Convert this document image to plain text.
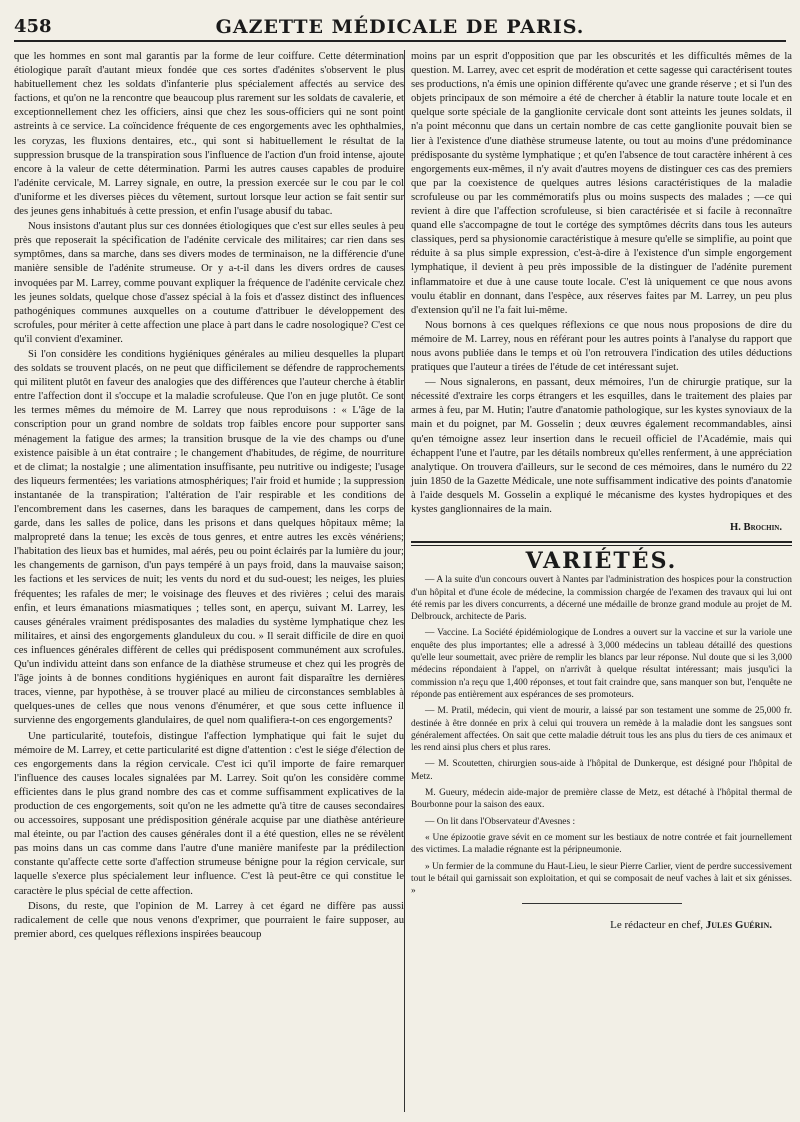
458	GAZETTE MÉDICALE DE PARIS.

que les hommes en sont mal garantis par la forme de leur coiffure. Cette détermination étiologique paraît d'autant mieux fondée que ces sortes d'adénites s'observent le plus habituellement chez les soldats d'infanterie plus spécialement affectés au service des factions, et qu'on ne la rencontre que beaucoup plus rarement sur les soldats de cavalerie, et exceptionnellement chez les officiers, ainsi que chez les sous-officiers qui ne sont point astreints à ce service. La coïncidence fréquente de ces engorgements avec les ophthalmies, les coryzas, les fluxions dentaires, etc., qui sont si habituellement le résultat de la suppression brusque de la transpiration sous l'influence de l'action d'un froid intense, ajoute encore à la valeur de cette détermination. Parmi les autres causes capables de produire l'adénite cervicale, M. Larrey signale, en outre, la pression exercée sur le cou par le col d'uniforme et les diverses pièces du vêtement, surtout lorsque leur action se fait sentir sur des jeunes gens inhabitués à cette pression, et enfin l'usage abusif du tabac.

Nous insistons d'autant plus sur ces données étiologiques que c'est sur elles seules à peu près que reposerait la spécification de l'adénite cervicale des militaires; car rien dans ses symptômes, dans sa marche, dans ses divers modes de terminaison, ne la différencie d'une manière sensible de l'adénite strumeuse. Or y a-t-il dans les divers ordres de causes invoquées par M. Larrey, comme pouvant expliquer la fréquence de l'adénite cervicale chez les jeunes soldats, quelque chose d'assez spécial à la fois et d'assez distinct des influences pathogéniques communes auxquelles on a coutume d'attribuer le développement des scrofules, pour mériter à cette affection une place à part dans le cadre nosologique? C'est ce qu'il convient d'examiner.

Si l'on considère les conditions hygiéniques générales au milieu desquelles la plupart des soldats se trouvent placés, on ne peut que difficilement se défendre de rapprochements qui militent plutôt en faveur des analogies que des différences que l'auteur cherche à établir entre l'affection dont il s'occupe et la maladie scrofuleuse. Que l'on en juge plutôt. Ce sont les termes mêmes du mémoire de M. Larrey que nous reproduisons : « L'âge de la conscription pour un grand nombre de soldats trop faibles encore pour supporter sans ménagement la fatigue des armes; la transition brusque de la vie des champs ou d'une existence paisible à un état contraire ; le changement d'habitudes, de régime, de nourriture et de climat; la nostalgie ; une alimentation insuffisante, peu nutritive ou indigeste; l'usage des liqueurs fermentées; les variations atmosphériques; l'air froid et humide ; la suppression instantanée de la transpiration; l'altération de l'air respirable et les conditions de l'encombrement dans les casernes, dans les baraques de campement, dans les corps de garde, dans les salles de police, dans les prisons et dans quelques hôpitaux même; la malpropreté dans la tenue; les excès de tous genres, et entre autres les excès vénériens; l'habitation des lieux bas et humides, mal aérés, peu ou point éclairés par la lumière du jour; les changements de garnison, d'un pays tempéré à un pays froid, dans la mauvaise saison; les factions et les services de nuit; les vents du nord et du sud-ouest; les neiges, les pluies fréquentes; les rafales de mer; le voisinage des fleuves et des rivières ; celui des marais enfin, et leurs émanations miasmatiques ; telles sont, en aperçu, suivant M. Larrey, les causes générales vraiment prédisposantes des maladies du système lymphatique chez les militaires, et ainsi des engorgements glanduleux du cou. » Il serait difficile de dire en quoi ces influences générales diffèrent de celles qui prédisposent communément aux scrofules. Qu'un individu atteint dans son enfance de la diathèse strumeuse et chez qui les progrès de l'âge joints à de bonnes conditions hygiéniques en auront fait disparaître les dernières traces, vienne, par hypothèse, à se trouver placé au milieu de circonstances semblables à quelques-unes de celles que nous venons d'énumérer, et que sous cette influence il survienne des engorgements glandulaires, de quel nom qualifiera-t-on ces engorgements?

Une particularité, toutefois, distingue l'affection lymphatique qui fait le sujet du mémoire de M. Larrey, et cette particularité est digne d'attention : c'est le siége d'élection de ces engorgements dans la région cervicale. C'est ici qu'il importe de faire remarquer l'influence des causes locales signalées par M. Larrey. Soit qu'on les considère comme efficientes dans le plus grand nombre des cas et comme suffisamment explicatives de la production de ces engorgements, soit qu'on ne les admette qu'à titre de causes secondaires ou accessoires, supposant une prédisposition générale acquise par une diathèse antérieure mal éteinte, ou par l'action des causes générales dont il a été question, elles ne se révèlent pas moins dans un cas comme dans l'autre d'une manière manifeste par la prédilection constante qu'affecte cette sorte d'affection strumeuse bénigne pour la région cervicale, sur laquelle s'exerce plus spécialement leur influence. C'est là peut-être ce qui constitue le caractère le plus spécial de cette affection.

Disons, du reste, que l'opinion de M. Larrey à cet égard ne diffère pas aussi radicalement de celle que nous venons d'exprimer, que pourraient le faire supposer, au premier abord, ces quelques réflexions inspirées beaucoup

moins par un esprit d'opposition que par les obscurités et les difficultés mêmes de la question. M. Larrey, avec cet esprit de modération et cette sagesse qui caractérisent toutes ses productions, n'a émis une opinion différente qu'avec une grande réserve ; et si l'un des objets principaux de son mémoire a été de chercher à établir la nature toute locale et en quelque sorte spéciale de la ganglionite cervicale dont sont atteints les jeunes soldats, il n'a point méconnu que dans un certain nombre de cas cette ganglionite pouvait bien se lier à l'existence d'une diathèse strumeuse latente, ou tout au moins d'une prédominance prédisposante du système lymphatique ; et qu'en l'absence de tout caractère inhérent à ces engorgements eux-mêmes, il n'y avait d'autres moyens de distinguer ces cas des premiers que par la coexistence de quelques autres lésions caractéristiques de la maladie scrofuleuse ou par les commémoratifs plus ou moins suspects des malades ; —ce qui revient à dire que l'affection scrofuleuse, si bien caractérisée et si facile à reconnaître quand elle s'accompagne de tout le cortége des symptômes décrits dans tous les auteurs classiques, perd sa physionomie caractéristique à mesure qu'elle se simplifie, au point que réduite à sa plus simple expression, c'est-à-dire à l'existence d'un simple engorgement lymphatique, il devient à peu près impossible de la distinguer de l'adénite purement inflammatoire et due à une cause toute locale. C'est là uniquement ce que nous avons voulu établir en donnant, dans l'espèce, aux réserves faites par M. Larrey, un peu plus d'extension qu'il ne l'a fait lui-même.

Nous bornons à ces quelques réflexions ce que nous nous proposions de dire du mémoire de M. Larrey, nous en référant pour les autres points à l'analyse du rapport que nous avons publiée dans le temps et où l'on retrouvera l'indication des utiles déductions pratiques que l'auteur a tirées de l'étude de cet intéressant sujet.

— Nous signalerons, en passant, deux mémoires, l'un de chirurgie pratique, sur la nécessité d'extraire les corps étrangers et les esquilles, dans le traitement des plaies par armes à feu, par M. Hutin; l'autre d'anatomie pathologique, sur les kystes synoviaux de la main et du poignet, par M. Gosselin ; deux œuvres également recommandables, ainsi qu'en témoigne assez leur insertion dans le recueil officiel de l'Académie, mais qui échappent l'une et l'autre, par les détails nombreux qu'elles renferment, à une appréciation analytique. On trouvera d'ailleurs, sur le second de ces mémoires, dans le numéro du 22 juin 1850 de la Gazette Médicale, une note suffisamment indicative des points d'anatomie à l'aide desquels M. Gosselin a expliqué le mécanisme des kystes hydropiques et des kystes ganglionnaires de la main.

H. Brochin.
VARIÉTÉS.

— A la suite d'un concours ouvert à Nantes par l'administration des hospices pour la construction d'un hôpital et d'une école de médecine, la commission chargée de l'examen des travaux qui lui ont été remis par les divers concurrents, a décerné une médaille de bronze grand module au projet de M. Delbrouck, architecte de Paris.

— Vaccine. La Société épidémiologique de Londres a ouvert sur la vaccine et sur la variole une enquête des plus importantes; elle a adressé à 3,000 médecins un tableau détaillé des questions qu'elle leur soumettait, avec prière de remplir les blancs par leur réponse. Nul doute que si les 3,000 médecins répondaient à l'appel, on n'arrivât à quelque résultat intéressant; mais jusqu'ici la commission n'a reçu que 1,400 réponses, et tout fait craindre que, sans manquer son but, l'enquête ne réponde pas entièrement aux espérances de ses promoteurs.

— M. Pratil, médecin, qui vient de mourir, a laissé par son testament une somme de 25,000 fr. destinée à être donnée en prix à celui qui trouvera un remède à la maladie dont les sangsues sont généralement affectées. On sait que cette maladie détruit tous les ans plus du tiers de ces animaux et les rend ainsi plus chers et plus rares.

— M. Scoutetten, chirurgien sous-aide à l'hôpital de Dunkerque, est désigné pour l'hôpital de Metz.

M. Gueury, médecin aide-major de première classe de Metz, est détaché à l'hôpital thermal de Bourbonne pour la saison des eaux.

— On lit dans l'Observateur d'Avesnes :

« Une épizootie grave sévit en ce moment sur les bestiaux de notre contrée et fait journellement des victimes. La maladie régnante est la péripneumonie.

» Un fermier de la commune du Haut-Lieu, le sieur Pierre Carlier, vient de perdre successivement tout le bétail qui garnissait son exploitation, et qui se composait de neuf vaches à lait et six génisses. »

Le rédacteur en chef, Jules Guérin.
